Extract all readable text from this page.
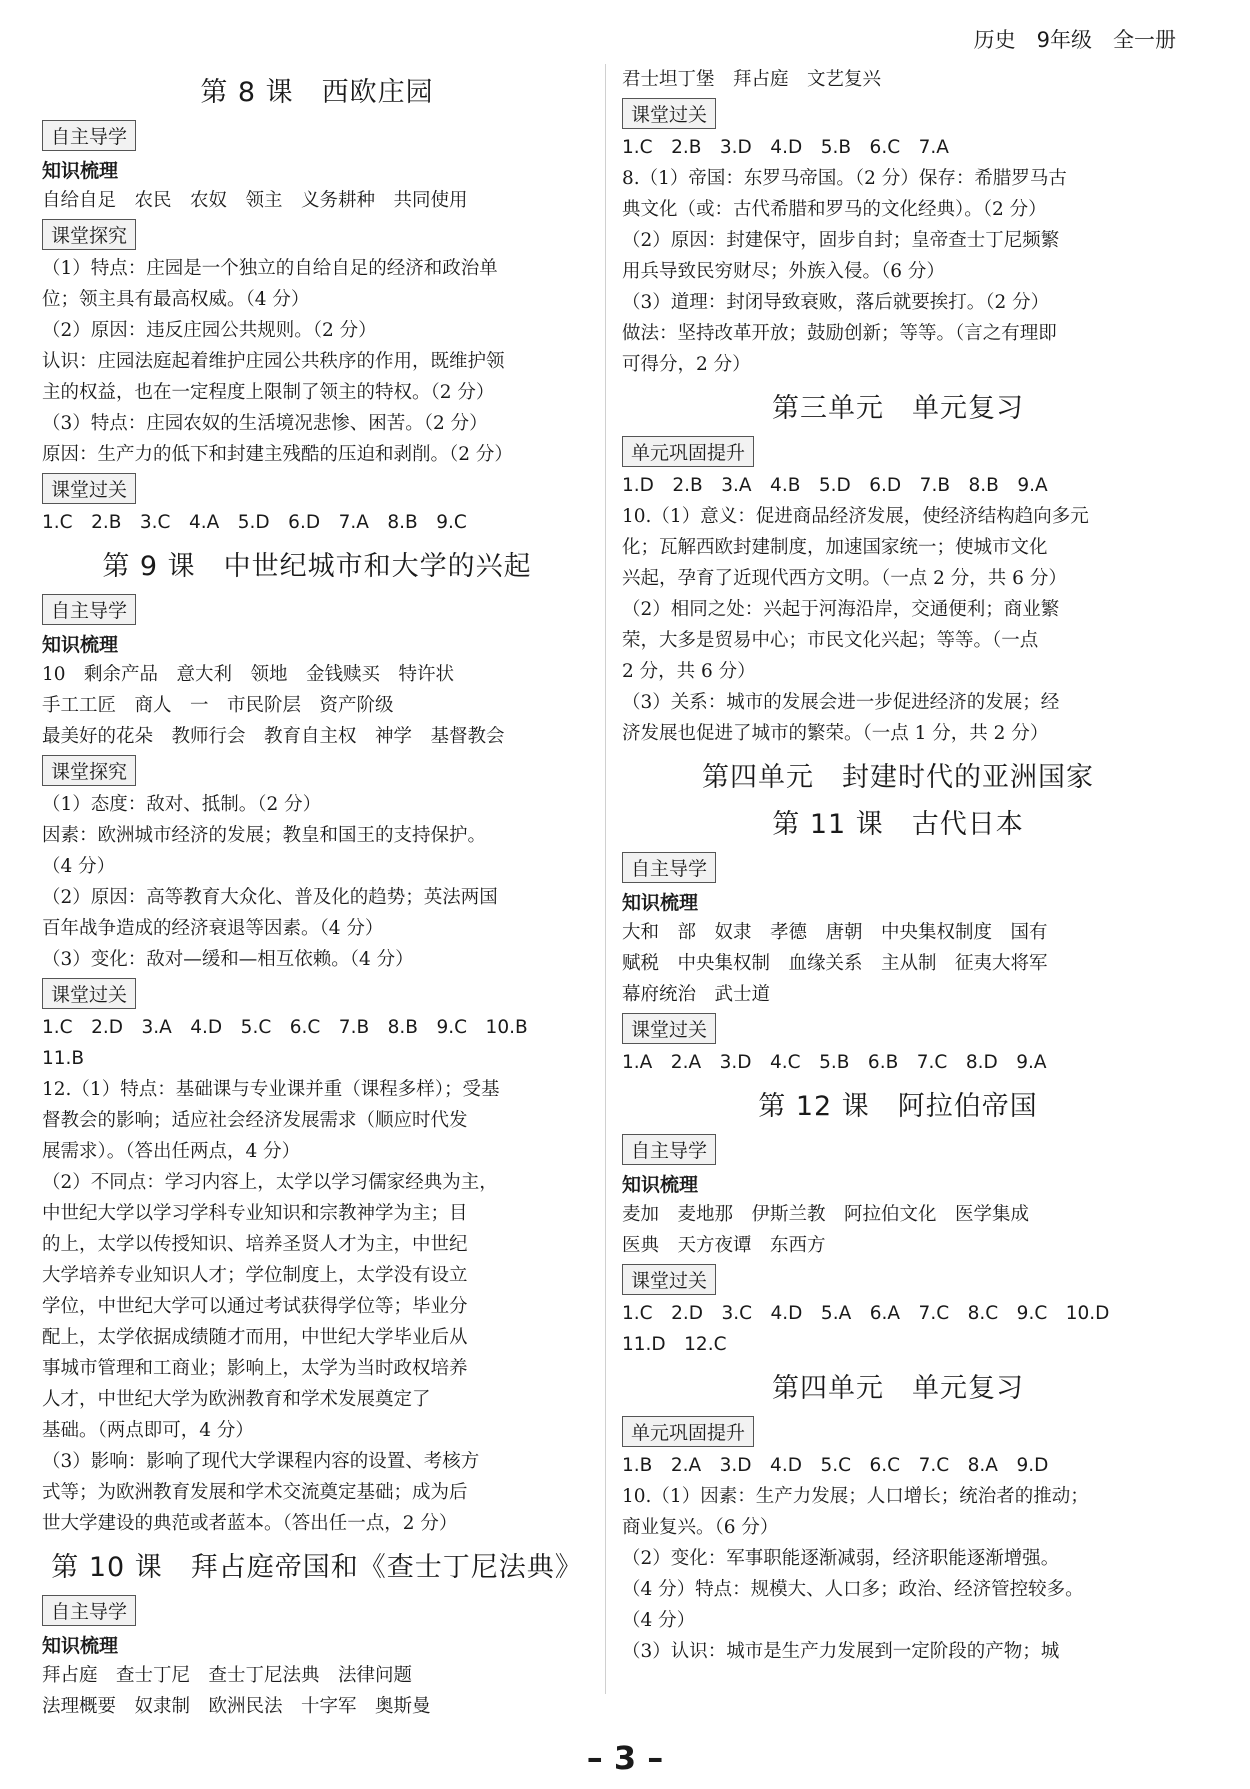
历史　9年级　全一册
第 8 课　西欧庄园
自主导学
知识梳理
自给自足　农民　农奴　领主　义务耕种　共同使用
课堂探究
（1）特点：庄园是一个独立的自给自足的经济和政治单
位；领主具有最高权威。（4 分）
（2）原因：违反庄园公共规则。（2 分）
认识：庄园法庭起着维护庄园公共秩序的作用，既维护领
主的权益，也在一定程度上限制了领主的特权。（2 分）
（3）特点：庄园农奴的生活境况悲惨、困苦。（2 分）
原因：生产力的低下和封建主残酷的压迫和剥削。（2 分）
课堂过关
1.C　2.B　3.C　4.A　5.D　6.D　7.A　8.B　9.C
第 9 课　中世纪城市和大学的兴起
自主导学
知识梳理
10　剩余产品　意大利　领地　金钱赎买　特许状
手工工匠　商人　一　市民阶层　资产阶级
最美好的花朵　教师行会　教育自主权　神学　基督教会
课堂探究
（1）态度：敌对、抵制。（2 分）
因素：欧洲城市经济的发展；教皇和国王的支持保护。
（4 分）
（2）原因：高等教育大众化、普及化的趋势；英法两国
百年战争造成的经济衰退等因素。（4 分）
（3）变化：敌对—缓和—相互依赖。（4 分）
课堂过关
1.C　2.D　3.A　4.D　5.C　6.C　7.B　8.B　9.C　10.B
11.B
12.（1）特点：基础课与专业课并重（课程多样）；受基
督教会的影响；适应社会经济发展需求（顺应时代发
展需求）。（答出任两点，4 分）
（2）不同点：学习内容上，太学以学习儒家经典为主，
中世纪大学以学习学科专业知识和宗教神学为主；目
的上，太学以传授知识、培养圣贤人才为主，中世纪
大学培养专业知识人才；学位制度上，太学没有设立
学位，中世纪大学可以通过考试获得学位等；毕业分
配上，太学依据成绩随才而用，中世纪大学毕业后从
事城市管理和工商业；影响上，太学为当时政权培养
人才，中世纪大学为欧洲教育和学术发展奠定了
基础。（两点即可，4 分）
（3）影响：影响了现代大学课程内容的设置、考核方
式等；为欧洲教育发展和学术交流奠定基础；成为后
世大学建设的典范或者蓝本。（答出任一点，2 分）
第 10 课　拜占庭帝国和《查士丁尼法典》
自主导学
知识梳理
拜占庭　查士丁尼　查士丁尼法典　法律问题
法理概要　奴隶制　欧洲民法　十字军　奥斯曼
君士坦丁堡　拜占庭　文艺复兴
课堂过关
1.C　2.B　3.D　4.D　5.B　6.C　7.A
8.（1）帝国：东罗马帝国。（2 分）保存：希腊罗马古
典文化（或：古代希腊和罗马的文化经典）。（2 分）
（2）原因：封建保守，固步自封；皇帝查士丁尼频繁
用兵导致民穷财尽；外族入侵。（6 分）
（3）道理：封闭导致衰败，落后就要挨打。（2 分）
做法：坚持改革开放；鼓励创新；等等。（言之有理即
可得分，2 分）
第三单元　单元复习
单元巩固提升
1.D　2.B　3.A　4.B　5.D　6.D　7.B　8.B　9.A
10.（1）意义：促进商品经济发展，使经济结构趋向多元
化；瓦解西欧封建制度，加速国家统一；使城市文化
兴起，孕育了近现代西方文明。（一点 2 分，共 6 分）
（2）相同之处：兴起于河海沿岸，交通便利；商业繁
荣，大多是贸易中心；市民文化兴起；等等。（一点
2 分，共 6 分）
（3）关系：城市的发展会进一步促进经济的发展；经
济发展也促进了城市的繁荣。（一点 1 分，共 2 分）
第四单元　封建时代的亚洲国家
第 11 课　古代日本
自主导学
知识梳理
大和　部　奴隶　孝德　唐朝　中央集权制度　国有
赋税　中央集权制　血缘关系　主从制　征夷大将军
幕府统治　武士道
课堂过关
1.A　2.A　3.D　4.C　5.B　6.B　7.C　8.D　9.A
第 12 课　阿拉伯帝国
自主导学
知识梳理
麦加　麦地那　伊斯兰教　阿拉伯文化　医学集成
医典　天方夜谭　东西方
课堂过关
1.C　2.D　3.C　4.D　5.A　6.A　7.C　8.C　9.C　10.D
11.D　12.C
第四单元　单元复习
单元巩固提升
1.B　2.A　3.D　4.D　5.C　6.C　7.C　8.A　9.D
10.（1）因素：生产力发展；人口增长；统治者的推动；
商业复兴。（6 分）
（2）变化：军事职能逐渐减弱，经济职能逐渐增强。
（4 分）特点：规模大、人口多；政治、经济管控较多。
（4 分）
（3）认识：城市是生产力发展到一定阶段的产物；城
– 3 –
